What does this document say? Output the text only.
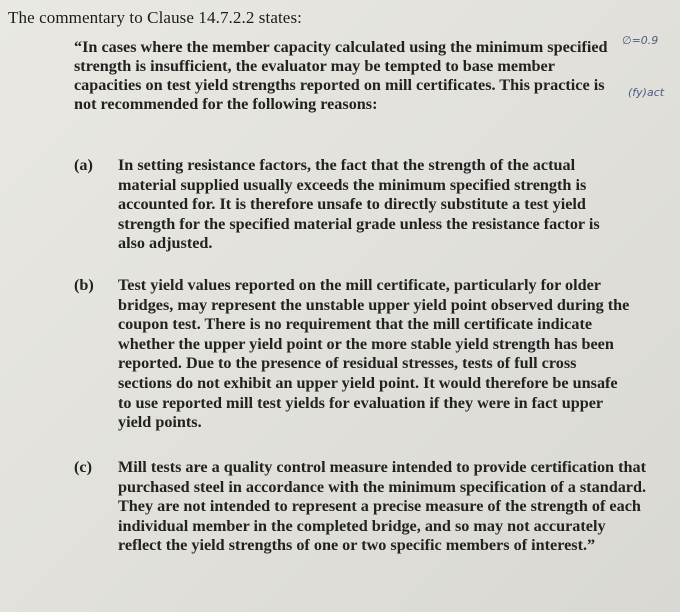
The commentary to Clause 14.7.2.2 states:
“In cases where the member capacity calculated using the minimum specified strength is insufficient, the evaluator may be tempted to base member capacities on test yield strengths reported on mill certificates. This practice is not recommended for the following reasons:
(a)	In setting resistance factors, the fact that the strength of the actual material supplied usually exceeds the minimum specified strength is accounted for. It is therefore unsafe to directly substitute a test yield strength for the specified material grade unless the resistance factor is also adjusted.
(b)	Test yield values reported on the mill certificate, particularly for older bridges, may represent the unstable upper yield point observed during the coupon test. There is no requirement that the mill certificate indicate whether the upper yield point or the more stable yield strength has been reported. Due to the presence of residual stresses, tests of full cross sections do not exhibit an upper yield point. It would therefore be unsafe to use reported mill test yields for evaluation if they were in fact upper yield points.
(c)	Mill tests are a quality control measure intended to provide certification that purchased steel in accordance with the minimum specification of a standard. They are not intended to represent a precise measure of the strength of each individual member in the completed bridge, and so may not accurately reflect the yield strengths of one or two specific members of interest.”
∅=0.9
(fy)act
